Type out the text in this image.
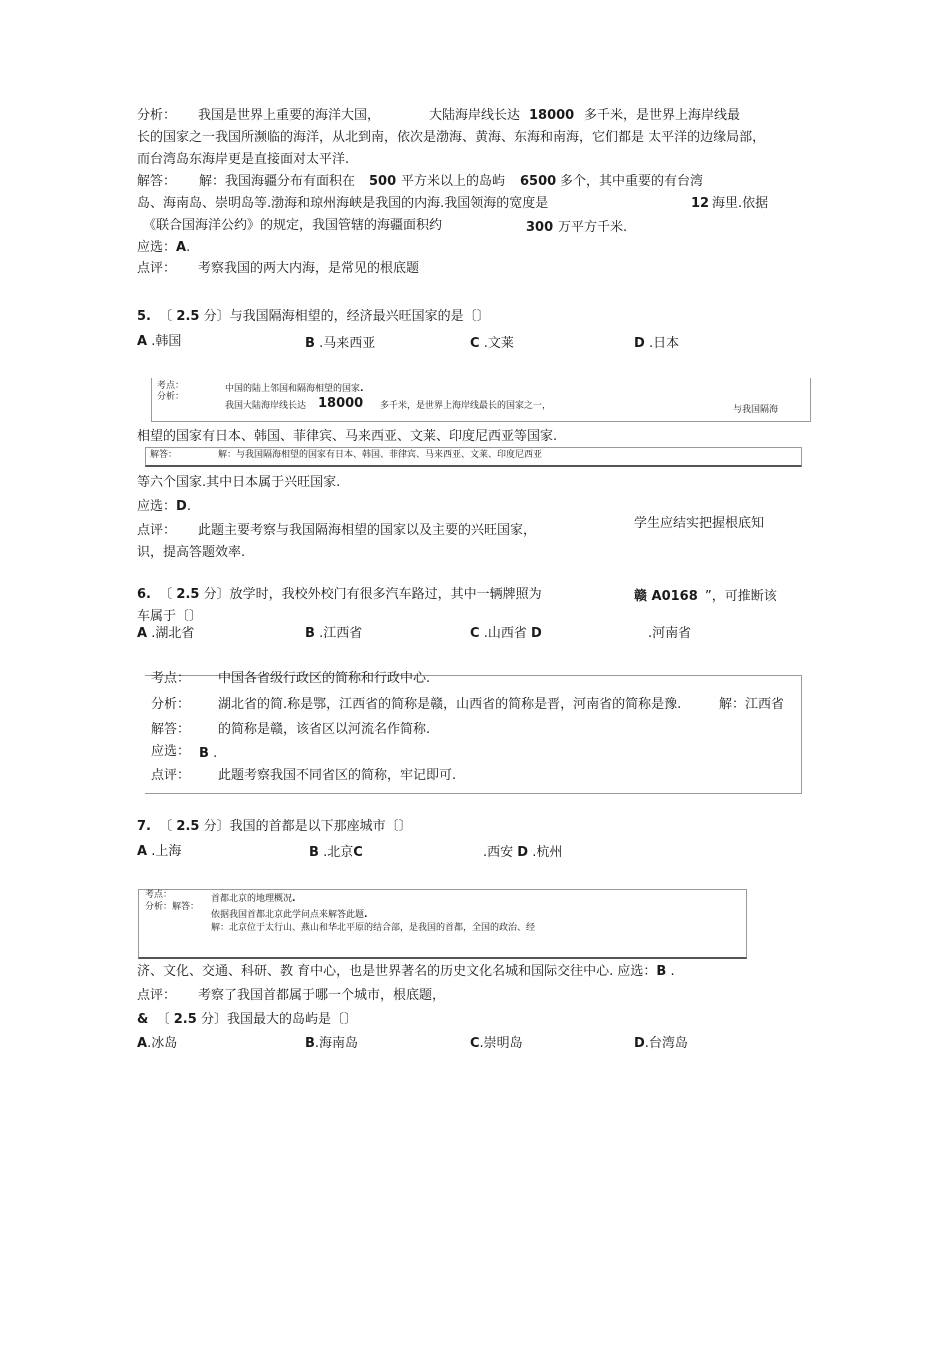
分析： 我国是世界上重要的海洋大国，	大陆海岸线长达 18000 多千米，是世界上海岸线最
长的国家之一我国所濒临的海洋，从北到南，依次是渤海、黄海、东海和南海，它们都是 太平洋的边缘局部，
而台湾岛东海岸更是直接面对太平洋.
解答： 解：我国海疆分布有面积在 500 平方米以上的岛屿 6500 多个，其中重要的有台湾
岛、海南岛、崇明岛等.渤海和琼州海峡是我国的内海.我国领海的宽度是	12 海里.依据
《联合国海洋公约》的规定，我国管辖的海疆面积约	300 万平方千米.
应选：A.
点评： 考察我国的两大内海，是常见的根底题
5. 〔 2.5 分〕与我国隔海相望的，经济最兴旺国家的是〔〕
A .韩国	B .马来西亚	C .文莱	D .日本
考点：	中国的陆上邻国和隔海相望的国家.
分析：
我国大陆海岸线长达 18000 多千米，是世界上海岸线最长的国家之一，	与我国隔海
相望的国家有日本、韩国、菲律宾、马来西亚、文莱、印度尼西亚等国家.
解答：	解：与我国隔海相望的国家有日本、韩国、菲律宾、马来西亚、文莱、印度尼西亚
等六个国家.其中日本属于兴旺国家.
应选：D.
点评： 此题主要考察与我国隔海相望的国家以及主要的兴旺国家，	学生应结实把握根底知
识，提高答题效率.
6. 〔 2.5 分〕放学时，我校外校门有很多汽车路过，其中一辆牌照为	赣 A0168 ”，可推断该
车属于〔〕
A .湖北省	B .江西省	C .山西省 D	.河南省
考点： 中国各省级行政区的简称和行政中心.
分析： 湖北省的简.称是鄂，江西省的简称是赣，山西省的简称是晋，河南省的简称是豫.	解：江西省
解答： 的简称是赣，该省区以河流名作简称.
应选： B .
点评： 此题考察我国不同省区的简称，牢记即可.
7. 〔 2.5 分〕我国的首都是以下那座城市〔〕
A .上海	B .北京C	.西安 D .杭州
考点：	首都北京的地理概况.
分析：解答：
依据我国首都北京此学问点来解答此题.
解：北京位于太行山、燕山和华北平原的结合部，是我国的首都，全国的政治、经
济、文化、交通、科研、教 育中心，也是世界著名的历史文化名城和国际交往中心. 应选：B .
点评： 考察了我国首都属于哪一个城市，根底题，
& 〔 2.5 分〕我国最大的岛屿是〔〕
A.冰岛	B.海南岛	C.崇明岛	D.台湾岛
